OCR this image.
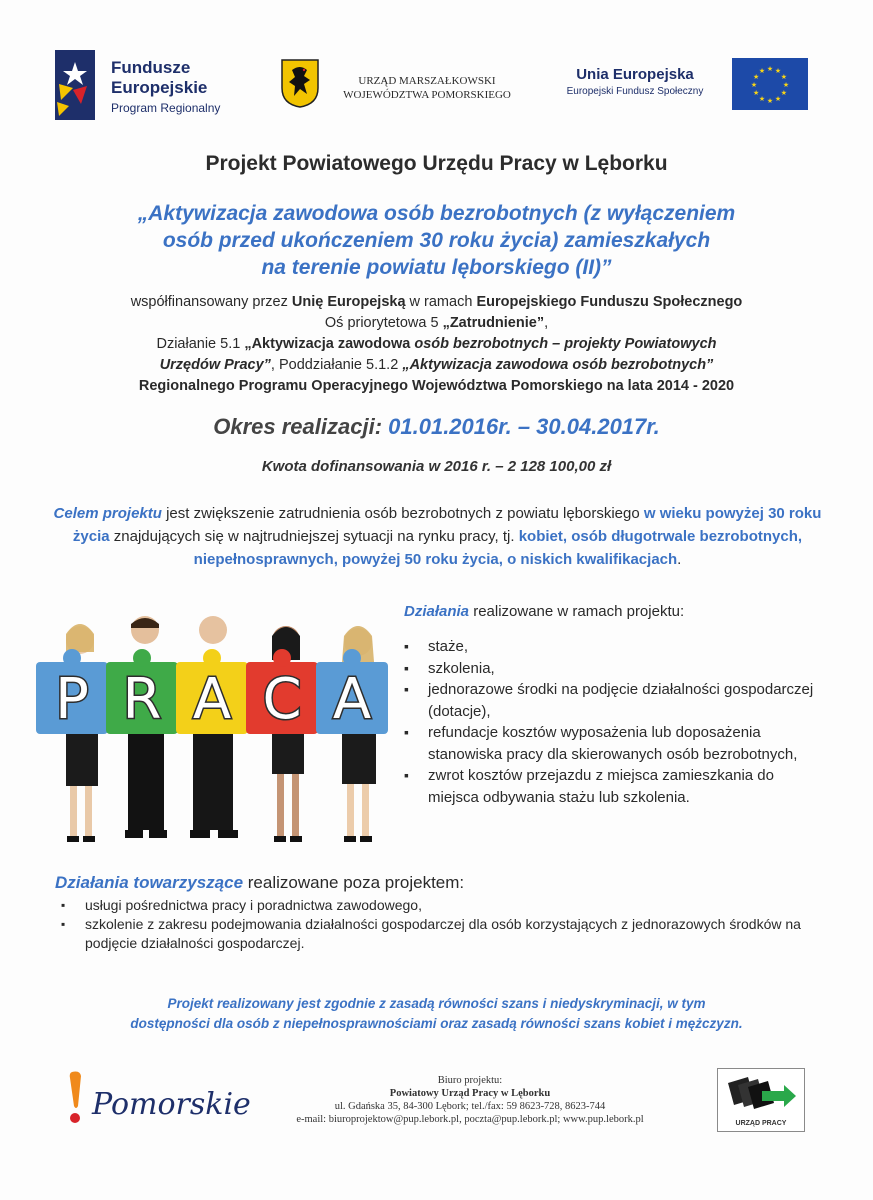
Fundusze
Europejskie
Program Regionalny
URZĄD MARSZAŁKOWSKI
WOJEWÓDZTWA POMORSKIEGO
Unia Europejska
Europejski Fundusz Społeczny
★
★
★
★
★
★
★
★
★ ★ ★
★
Projekt Powiatowego Urzędu Pracy w Lęborku
„Aktywizacja zawodowa osób bezrobotnych (z wyłączeniem
osób przed ukończeniem 30 roku życia) zamieszkałych
na terenie powiatu lęborskiego (II)”
współfinansowany przez Unię Europejską w ramach Europejskiego Funduszu Społecznego
Oś priorytetowa 5 „Zatrudnienie”,
Działanie 5.1 „Aktywizacja zawodowa osób bezrobotnych – projekty Powiatowych
Urzędów Pracy”, Poddziałanie 5.1.2 „Aktywizacja zawodowa osób bezrobotnych”
Regionalnego Programu Operacyjnego Województwa Pomorskiego na lata 2014 - 2020
Okres realizacji: 01.01.2016r. – 30.04.2017r.
Kwota dofinansowania w 2016 r. – 2 128 100,00 zł
Celem projektu jest zwiększenie zatrudnienia osób bezrobotnych z powiatu lęborskiego w wieku powyżej 30 roku życia znajdujących się w najtrudniejszej sytuacji na rynku pracy, tj. kobiet, osób długotrwale bezrobotnych, niepełnosprawnych, powyżej 50 roku życia, o niskich kwalifikacjach.
P R A C A
Działania realizowane w ramach projektu:
▪ staże,
▪ szkolenia,
▪ jednorazowe środki na podjęcie działalności gospodarczej (dotacje),
▪ refundacje kosztów wyposażenia lub doposażenia stanowiska pracy dla skierowanych osób bezrobotnych,
▪ zwrot kosztów przejazdu z miejsca zamieszkania do miejsca odbywania stażu lub szkolenia.
Działania towarzyszące realizowane poza projektem:
▪ usługi pośrednictwa pracy i poradnictwa zawodowego,
▪ szkolenie z zakresu podejmowania działalności gospodarczej dla osób korzystających z jednorazowych środków na podjęcie działalności gospodarczej.
Projekt realizowany jest zgodnie z zasadą równości szans i niedyskryminacji, w tym
dostępności dla osób z niepełnosprawnościami oraz zasadą równości szans kobiet i mężczyzn.
Pomorskie
Biuro projektu:
Powiatowy Urząd Pracy w Lęborku
ul. Gdańska 35, 84-300 Lębork; tel./fax: 59 8623-728, 8623-744
e-mail: biuroprojektow@pup.lebork.pl, poczta@pup.lebork.pl; www.pup.lebork.pl	URZĄD PRACY
